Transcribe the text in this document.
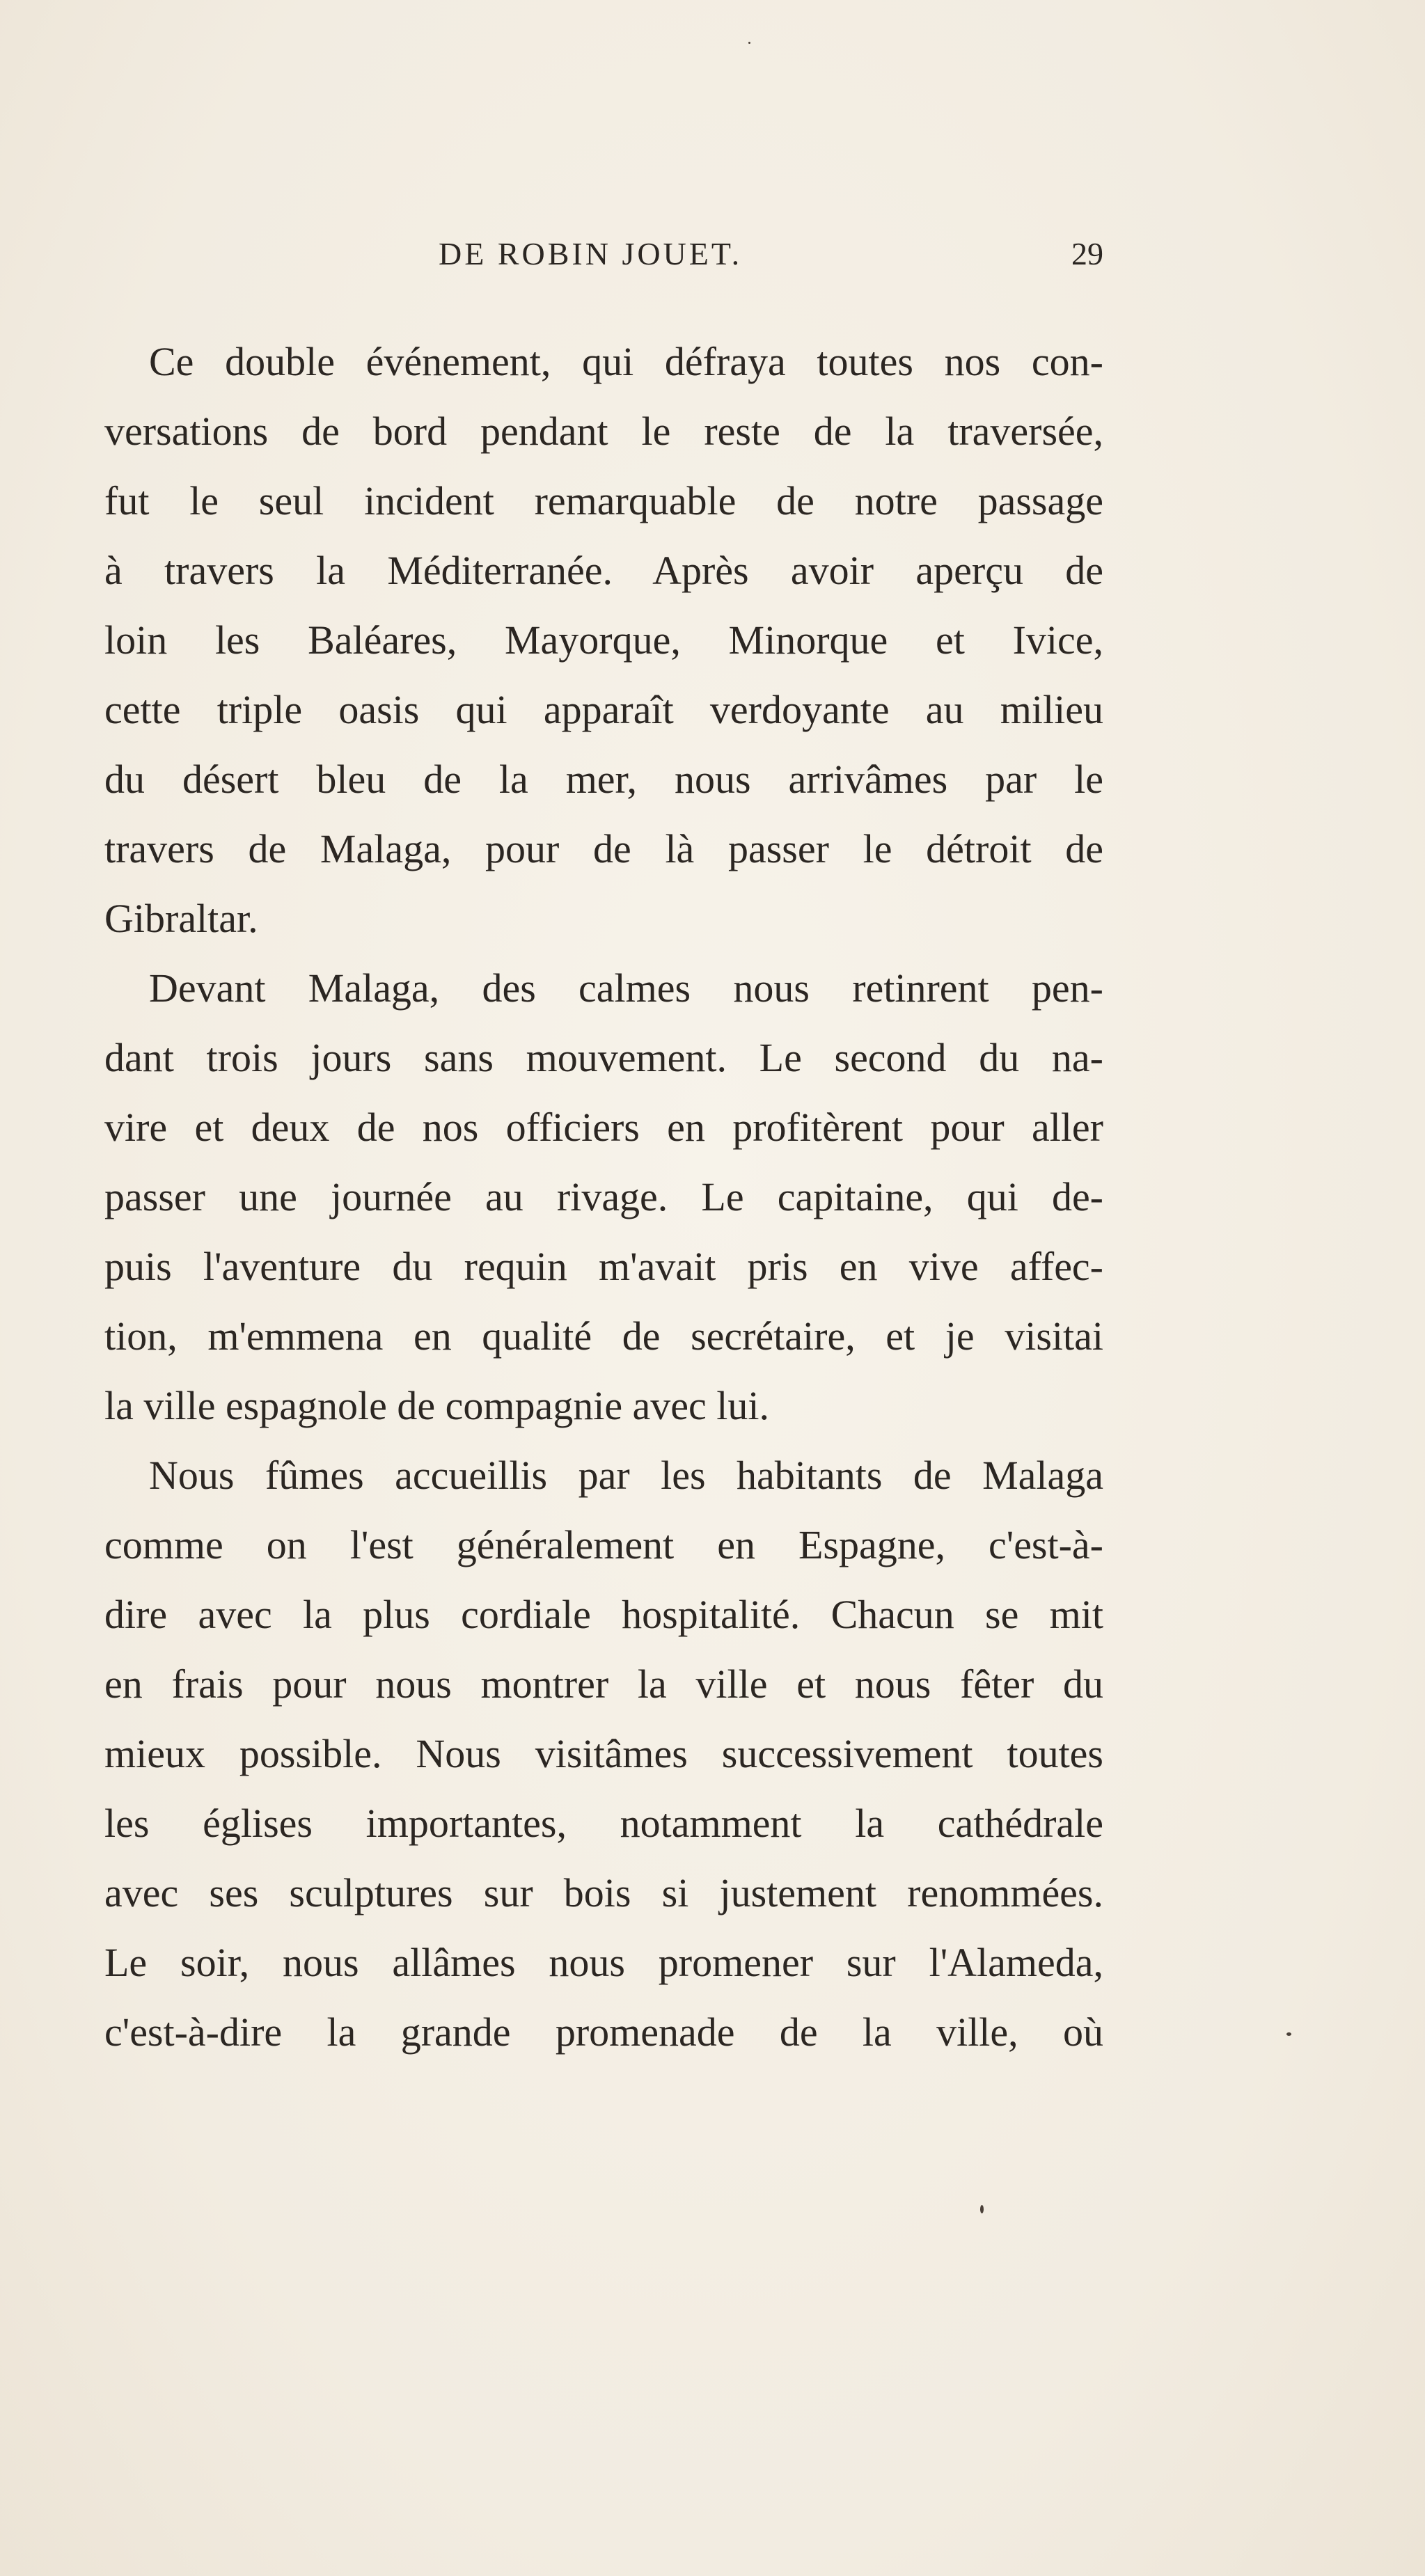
DE ROBIN JOUET.	29
Ce double événement, qui défraya toutes nos con-
versations de bord pendant le reste de la traversée,
fut le seul incident remarquable de notre passage
à travers la Méditerranée. Après avoir aperçu de
loin les Baléares, Mayorque, Minorque et Ivice,
cette triple oasis qui apparaît verdoyante au milieu
du désert bleu de la mer, nous arrivâmes par le
travers de Malaga, pour de là passer le détroit de
Gibraltar.
Devant Malaga, des calmes nous retinrent pen-
dant trois jours sans mouvement. Le second du na-
vire et deux de nos officiers en profitèrent pour aller
passer une journée au rivage. Le capitaine, qui de-
puis l'aventure du requin m'avait pris en vive affec-
tion, m'emmena en qualité de secrétaire, et je visitai
la ville espagnole de compagnie avec lui.
Nous fûmes accueillis par les habitants de Malaga
comme on l'est généralement en Espagne, c'est-à-
dire avec la plus cordiale hospitalité. Chacun se mit
en frais pour nous montrer la ville et nous fêter du
mieux possible. Nous visitâmes successivement toutes
les églises importantes, notamment la cathédrale
avec ses sculptures sur bois si justement renommées.
Le soir, nous allâmes nous promener sur l'Alameda,
c'est-à-dire la grande promenade de la ville, où
